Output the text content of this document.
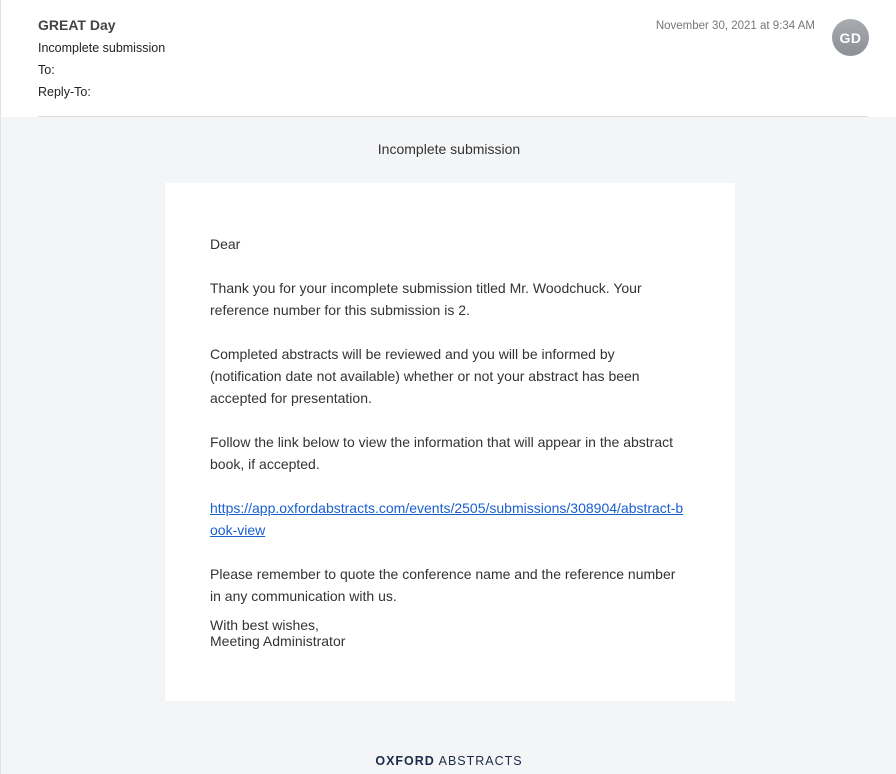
GREAT Day
Incomplete submission
To:
Reply-To:
November 30, 2021 at 9:34 AM
GD
Incomplete submission

Dear

Thank you for your incomplete submission titled Mr. Woodchuck. Your reference number for this submission is 2.

Completed abstracts will be reviewed and you will be informed by (notification date not available) whether or not your abstract has been accepted for presentation.

Follow the link below to view the information that will appear in the abstract book, if accepted.

https://app.oxfordabstracts.com/events/2505/submissions/308904/abstract-book-view

Please remember to quote the conference name and the reference number in any communication with us.

With best wishes,
Meeting Administrator
OXFORD ABSTRACTS
